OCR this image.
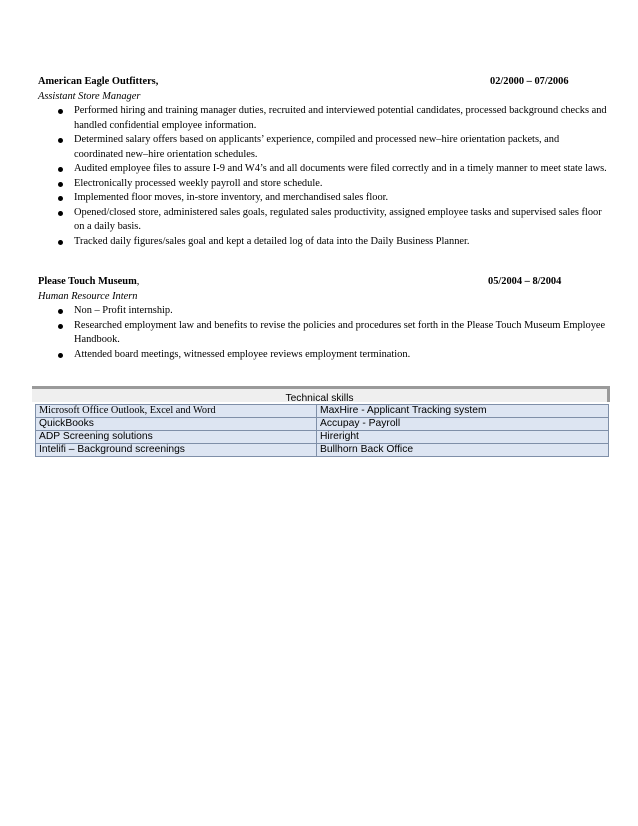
American Eagle Outfitters,	02/2000 – 07/2006
Assistant Store Manager
Performed hiring and training manager duties, recruited and interviewed potential candidates, processed background checks and handled confidential employee information.
Determined salary offers based on applicants’ experience, compiled and processed new–hire orientation packets, and coordinated new–hire orientation schedules.
Audited employee files to assure I-9 and W4’s and all documents were filed correctly and in a timely manner to meet state laws.
Electronically processed weekly payroll and store schedule.
Implemented floor moves, in-store inventory, and merchandised sales floor.
Opened/closed store, administered sales goals, regulated sales productivity, assigned employee tasks and supervised sales floor on a daily basis.
Tracked daily figures/sales goal and kept a detailed log of data into the Daily Business Planner.
Please Touch Museum,	05/2004 – 8/2004
Human Resource Intern
Non – Profit internship.
Researched employment law and benefits to revise the policies and procedures set forth in the Please Touch Museum Employee Handbook.
Attended board meetings, witnessed employee reviews employment termination.
Technical skills
Microsoft Office Outlook, Excel and Word	MaxHire - Applicant Tracking system
QuickBooks	Accupay - Payroll
ADP Screening solutions	Hireright
Intelifi – Background screenings	Bullhorn Back Office
